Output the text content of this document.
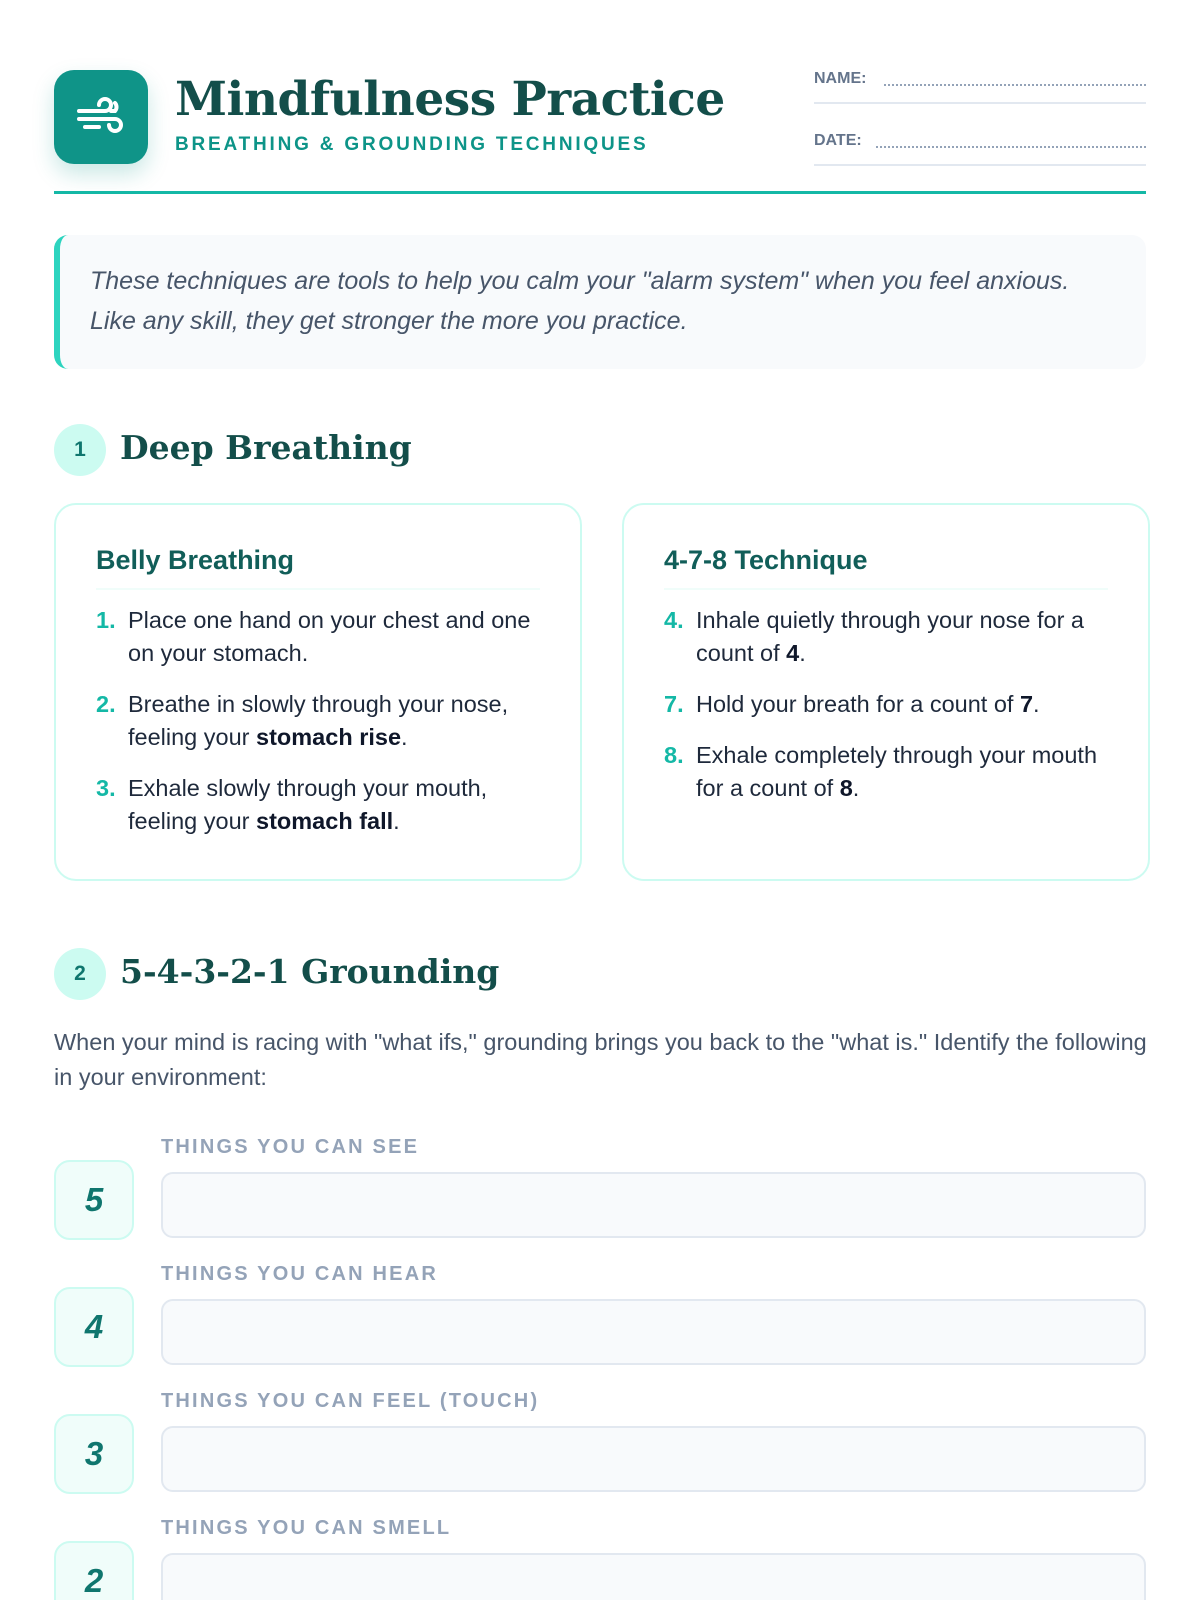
Mindfulness Practice
BREATHING & GROUNDING TECHNIQUES
NAME:
DATE:

These techniques are tools to help you calm your "alarm system" when you feel anxious. Like any skill, they get stronger the more you practice.

1	Deep Breathing
Belly Breathing
1. Place one hand on your chest and one on your stomach.
2. Breathe in slowly through your nose, feeling your stomach rise.
3. Exhale slowly through your mouth, feeling your stomach fall.
4-7-8 Technique
4. Inhale quietly through your nose for a count of 4.
7. Hold your breath for a count of 7.
8. Exhale completely through your mouth for a count of 8.
2	5-4-3-2-1 Grounding
When your mind is racing with "what ifs," grounding brings you back to the "what is." Identify the following in your environment:
5
THINGS YOU CAN SEE
4
THINGS YOU CAN HEAR
3
THINGS YOU CAN FEEL (TOUCH)
2
THINGS YOU CAN SMELL
